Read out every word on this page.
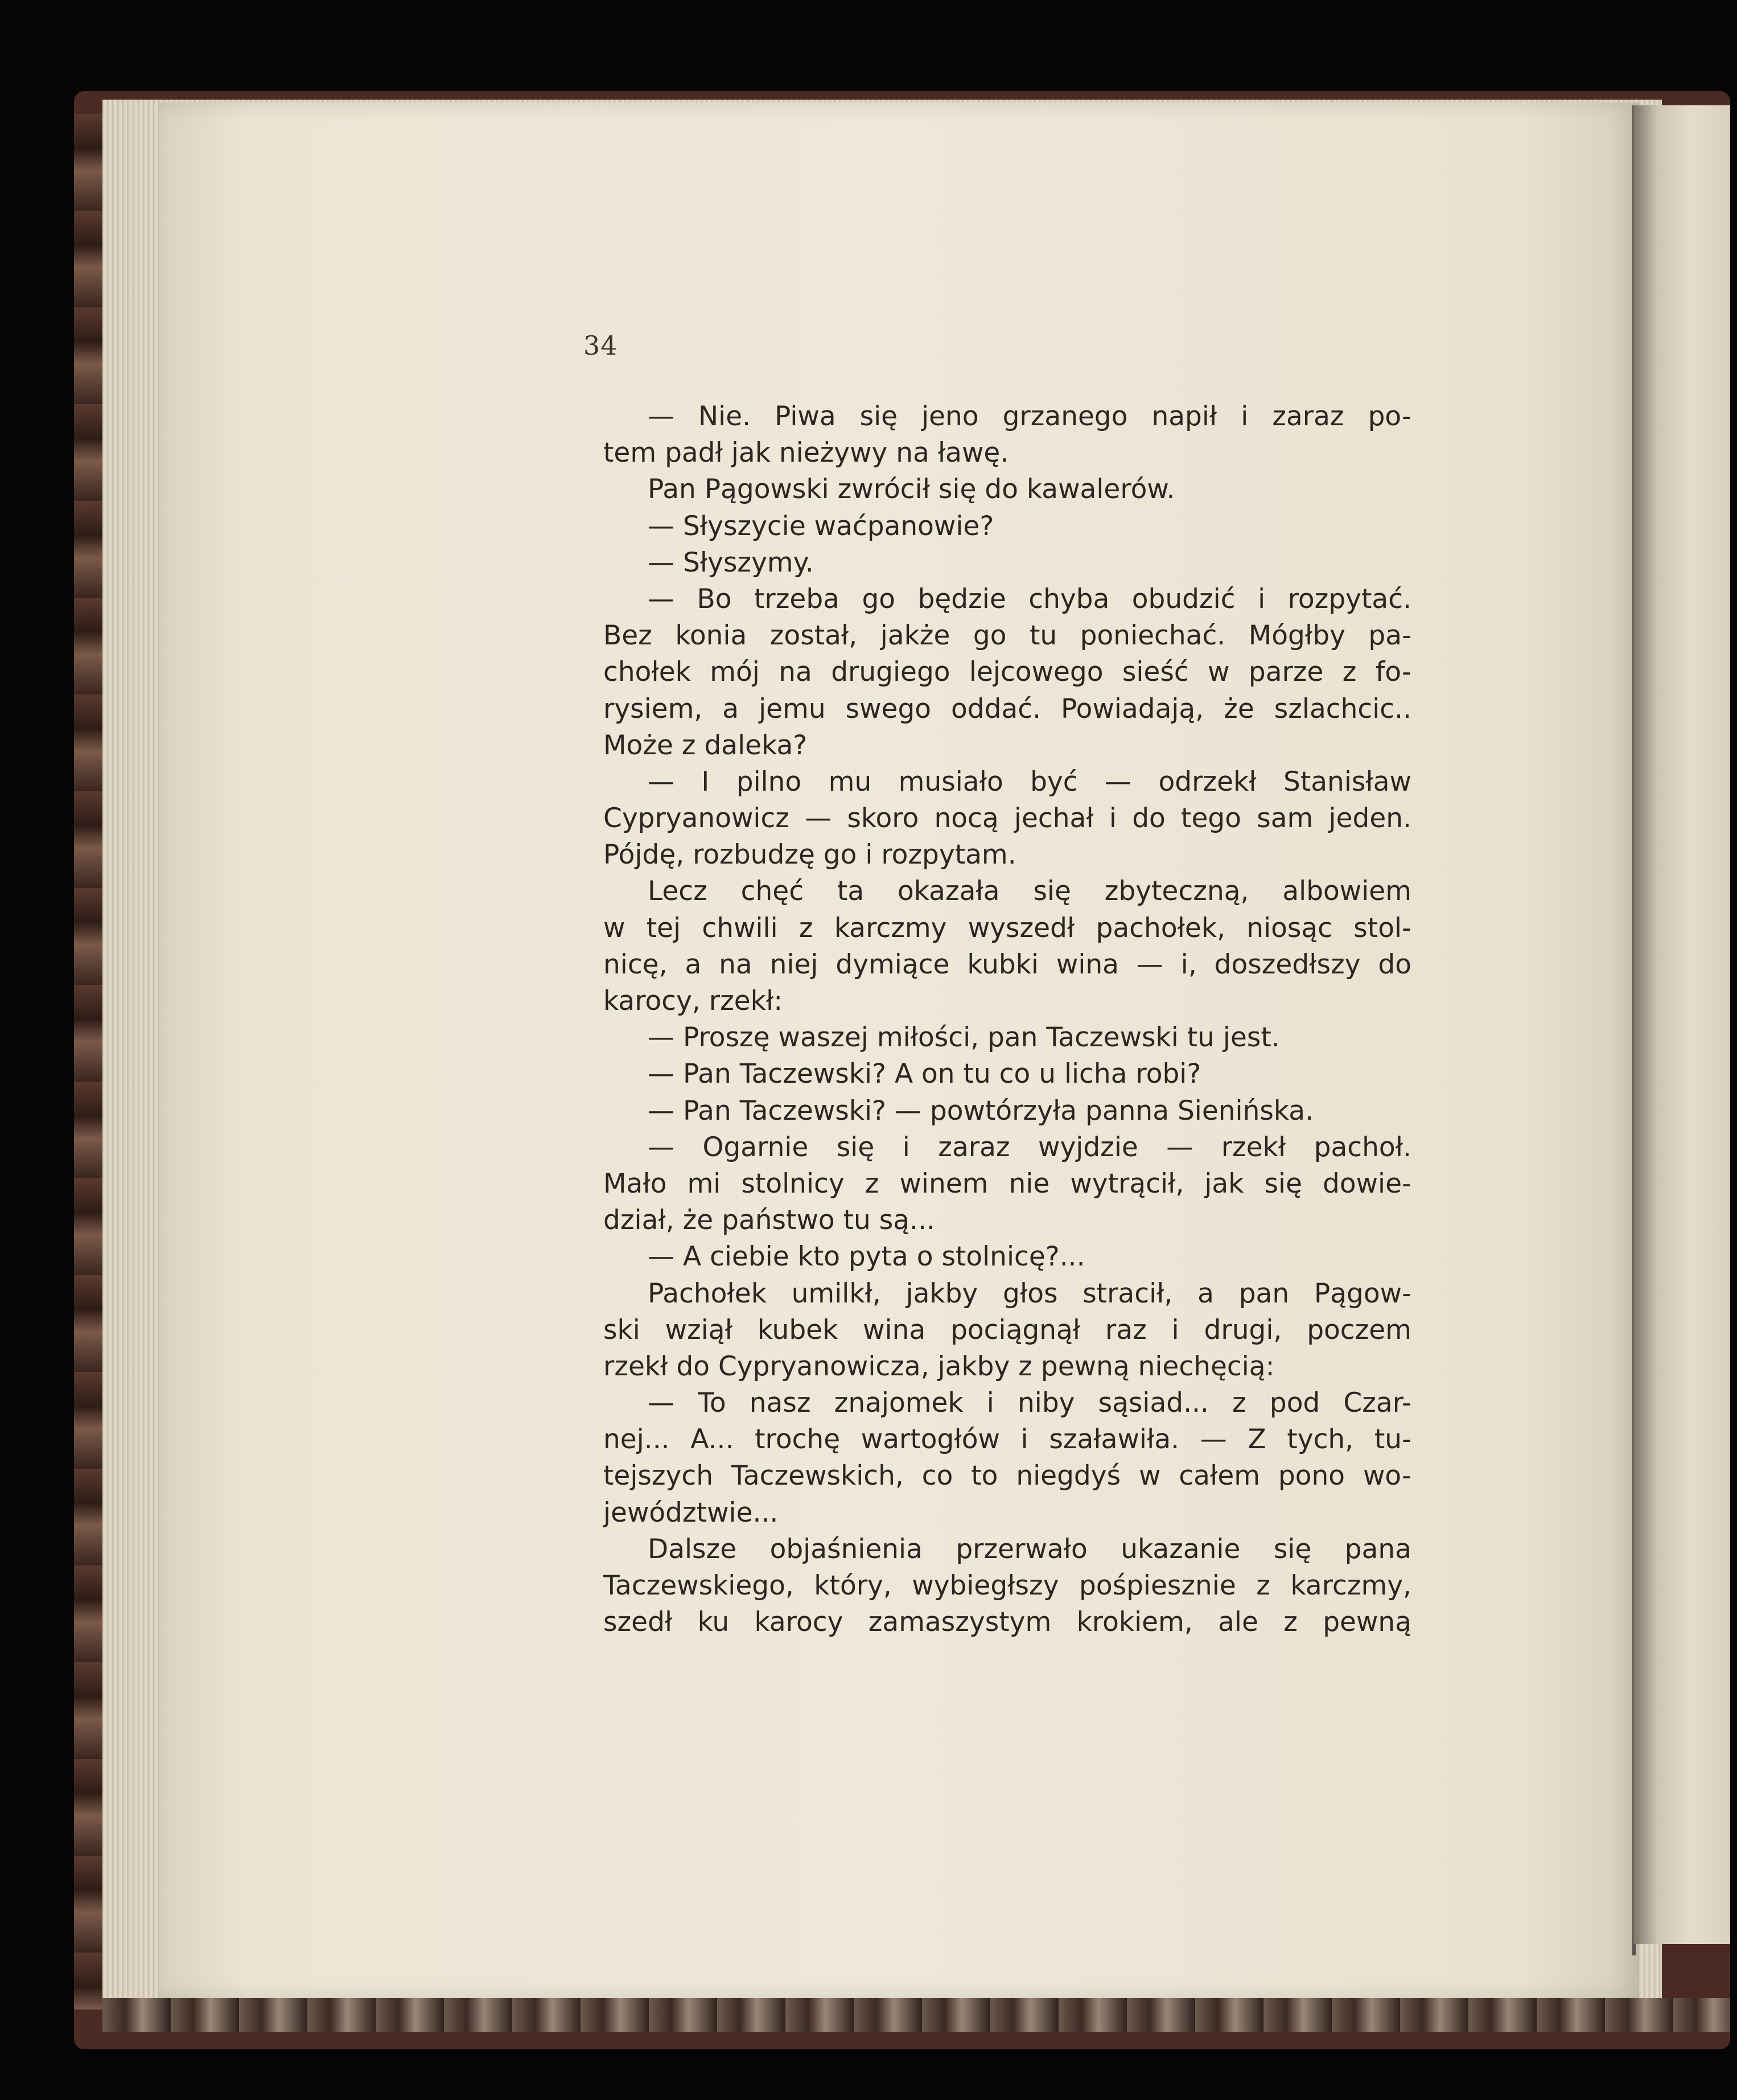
34
— Nie. Piwa się jeno grzanego napił i zaraz po-
tem padł jak nieżywy na ławę.
Pan Pągowski zwrócił się do kawalerów.
— Słyszycie waćpanowie?
— Słyszymy.
— Bo trzeba go będzie chyba obudzić i rozpytać.
Bez konia został, jakże go tu poniechać. Mógłby pa-
chołek mój na drugiego lejcowego sieść w parze z fo-
rysiem, a jemu swego oddać. Powiadają, że szlachcic..
Może z daleka?
— I pilno mu musiało być — odrzekł Stanisław
Cypryanowicz — skoro nocą jechał i do tego sam jeden.
Pójdę, rozbudzę go i rozpytam.
Lecz chęć ta okazała się zbyteczną, albowiem
w tej chwili z karczmy wyszedł pachołek, niosąc stol-
nicę, a na niej dymiące kubki wina — i, doszedłszy do
karocy, rzekł:
— Proszę waszej miłości, pan Taczewski tu jest.
— Pan Taczewski? A on tu co u licha robi?
— Pan Taczewski? — powtórzyła panna Sienińska.
— Ogarnie się i zaraz wyjdzie — rzekł pachoł.
Mało mi stolnicy z winem nie wytrącił, jak się dowie-
dział, że państwo tu są...
— A ciebie kto pyta o stolnicę?...
Pachołek umilkł, jakby głos stracił, a pan Pągow-
ski wziął kubek wina pociągnął raz i drugi, poczem
rzekł do Cypryanowicza, jakby z pewną niechęcią:
— To nasz znajomek i niby sąsiad... z pod Czar-
nej... A... trochę wartogłów i szaławiła. — Z tych, tu-
tejszych Taczewskich, co to niegdyś w całem pono wo-
jewództwie...
Dalsze objaśnienia przerwało ukazanie się pana
Taczewskiego, który, wybiegłszy pośpiesznie z karczmy,
szedł ku karocy zamaszystym krokiem, ale z pewną
